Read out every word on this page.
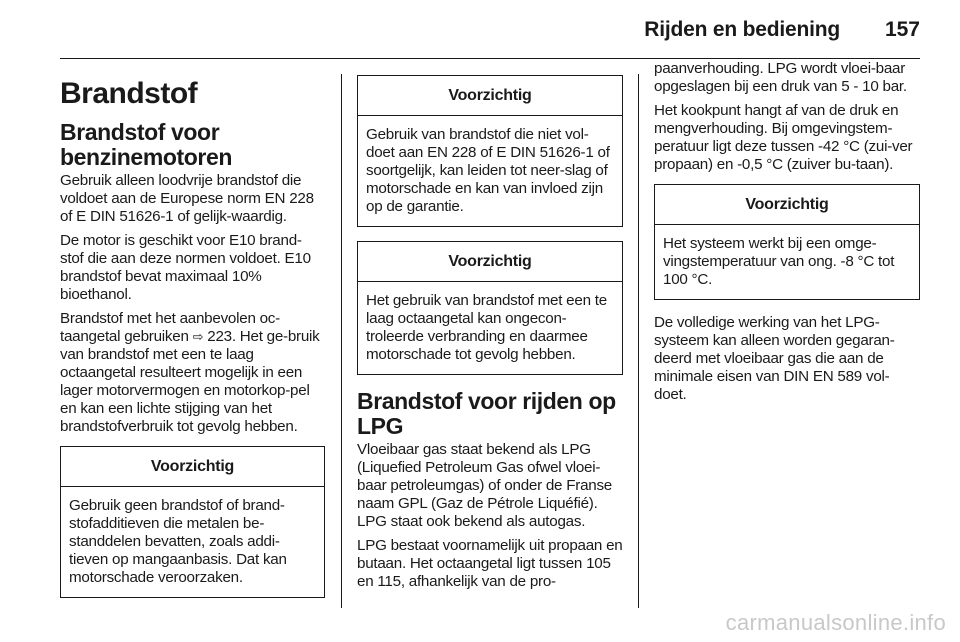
Rijden en bediening 157
Brandstof
Brandstof voor benzinemotoren

Gebruik alleen loodvrije brandstof die voldoet aan de Europese norm EN 228 of E DIN 51626-1 of gelijk-waardig.

De motor is geschikt voor E10 brand-stof die aan deze normen voldoet. E10 brandstof bevat maximaal 10% bioethanol.

Brandstof met het aanbevolen oc-taangetal gebruiken ⇨ 223. Het ge-bruik van brandstof met een te laag octaangetal resulteert mogelijk in een lager motorvermogen en motorkop-pel en kan een lichte stijging van het brandstofverbruik tot gevolg hebben.

Voorzichtig
Gebruik geen brandstof of brand-stofadditieven die metalen be-standdelen bevatten, zoals addi-tieven op mangaanbasis. Dat kan motorschade veroorzaken.
Voorzichtig
Gebruik van brandstof die niet vol-doet aan EN 228 of E DIN 51626-1 of soortgelijk, kan leiden tot neer-slag of motorschade en kan van invloed zijn op de garantie.
Voorzichtig
Het gebruik van brandstof met een te laag octaangetal kan ongecon-troleerde verbranding en daarmee motorschade tot gevolg hebben.
Brandstof voor rijden op LPG

Vloeibaar gas staat bekend als LPG (Liquefied Petroleum Gas ofwel vloei-baar petroleumgas) of onder de Franse naam GPL (Gaz de Pétrole Liquéfié). LPG staat ook bekend als autogas.

LPG bestaat voornamelijk uit propaan en butaan. Het octaangetal ligt tussen 105 en 115, afhankelijk van de pro-

paanverhouding. LPG wordt vloei-baar opgeslagen bij een druk van 5 - 10 bar.

Het kookpunt hangt af van de druk en mengverhouding. Bij omgevingstem-peratuur ligt deze tussen -42 °C (zui-ver propaan) en -0,5 °C (zuiver bu-taan).

Voorzichtig
Het systeem werkt bij een omge-vingstemperatuur van ong. -8 °C tot 100 °C.

De volledige werking van het LPG-systeem kan alleen worden gegaran-deerd met vloeibaar gas die aan de minimale eisen van DIN EN 589 vol-doet.

carmanualsonline.info
